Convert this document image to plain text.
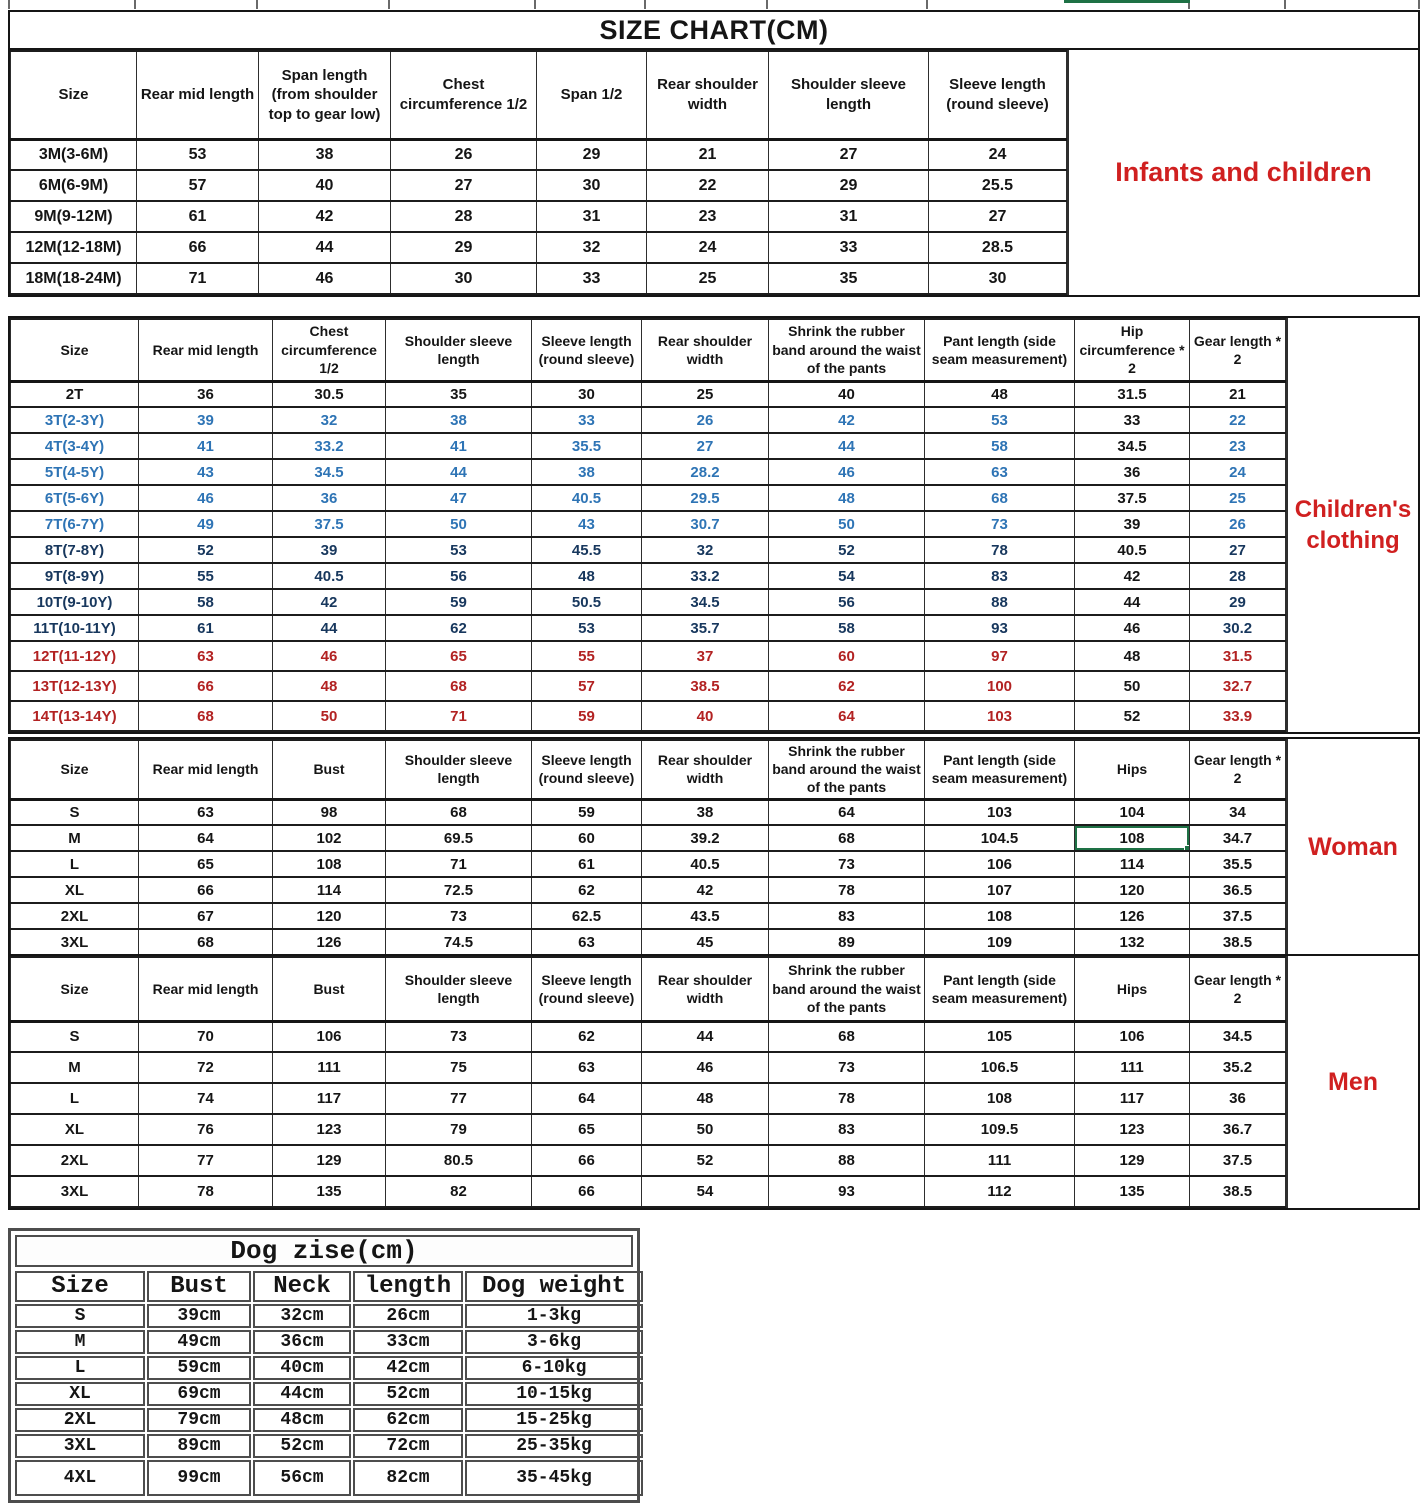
SIZE CHART(CM)
Size	Rear mid length	Span length (from shoulder top to gear low)	Chest circumference 1/2	Span 1/2	Rear shoulder width	Shoulder sleeve length	Sleeve length (round sleeve)
3M(3-6M)	53	38	26	29	21	27	24
6M(6-9M)	57	40	27	30	22	29	25.5
9M(9-12M)	61	42	28	31	23	31	27
12M(12-18M)	66	44	29	32	24	33	28.5
18M(18-24M)	71	46	30	33	25	35	30
Infants and children
Size	Rear mid length	Chest circumference 1/2	Shoulder sleeve length	Sleeve length (round sleeve)	Rear shoulder width	Shrink the rubber band around the waist of the pants	Pant length (side seam measurement)	Hip circumference * 2	Gear length * 2
2T	36	30.5	35	30	25	40	48	31.5	21
3T(2-3Y)	39	32	38	33	26	42	53	33	22
4T(3-4Y)	41	33.2	41	35.5	27	44	58	34.5	23
5T(4-5Y)	43	34.5	44	38	28.2	46	63	36	24
6T(5-6Y)	46	36	47	40.5	29.5	48	68	37.5	25
7T(6-7Y)	49	37.5	50	43	30.7	50	73	39	26
8T(7-8Y)	52	39	53	45.5	32	52	78	40.5	27
9T(8-9Y)	55	40.5	56	48	33.2	54	83	42	28
10T(9-10Y)	58	42	59	50.5	34.5	56	88	44	29
11T(10-11Y)	61	44	62	53	35.7	58	93	46	30.2
12T(11-12Y)	63	46	65	55	37	60	97	48	31.5
13T(12-13Y)	66	48	68	57	38.5	62	100	50	32.7
14T(13-14Y)	68	50	71	59	40	64	103	52	33.9
Children's clothing
Size	Rear mid length	Bust	Shoulder sleeve length	Sleeve length (round sleeve)	Rear shoulder width	Shrink the rubber band around the waist of the pants	Pant length (side seam measurement)	Hips	Gear length * 2
S	63	98	68	59	38	64	103	104	34
M	64	102	69.5	60	39.2	68	104.5	108	34.7
L	65	108	71	61	40.5	73	106	114	35.5
XL	66	114	72.5	62	42	78	107	120	36.5
2XL	67	120	73	62.5	43.5	83	108	126	37.5
3XL	68	126	74.5	63	45	89	109	132	38.5
Woman
Size	Rear mid length	Bust	Shoulder sleeve length	Sleeve length (round sleeve)	Rear shoulder width	Shrink the rubber band around the waist of the pants	Pant length (side seam measurement)	Hips	Gear length * 2
S	70	106	73	62	44	68	105	106	34.5
M	72	111	75	63	46	73	106.5	111	35.2
L	74	117	77	64	48	78	108	117	36
XL	76	123	79	65	50	83	109.5	123	36.7
2XL	77	129	80.5	66	52	88	111	129	37.5
3XL	78	135	82	66	54	93	112	135	38.5
Men
Dog zise(cm)
Size	Bust	Neck	length	Dog weight
S	39cm	32cm	26cm	1-3kg
M	49cm	36cm	33cm	3-6kg
L	59cm	40cm	42cm	6-10kg
XL	69cm	44cm	52cm	10-15kg
2XL	79cm	48cm	62cm	15-25kg
3XL	89cm	52cm	72cm	25-35kg
4XL	99cm	56cm	82cm	35-45kg
